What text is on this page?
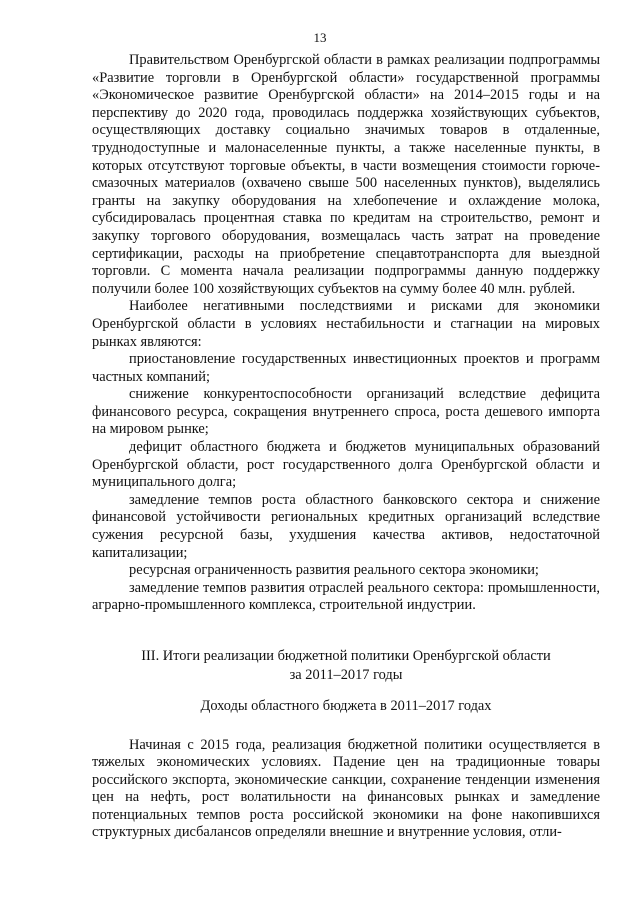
13

Правительством Оренбургской области в рамках реализации подпрограммы «Развитие торговли в Оренбургской области» государственной программы «Экономическое развитие Оренбургской области» на 2014–2015 годы и на перспективу до 2020 года, проводилась поддержка хозяйствующих субъектов, осуществляющих доставку социально значимых товаров в отдаленные, труднодоступные и малонаселенные пункты, а также населенные пункты, в которых отсутствуют торговые объекты, в части возмещения стоимости горюче-смазочных материалов (охвачено свыше 500 населенных пунктов), выделялись гранты на закупку оборудования на хлебопечение и охлаждение молока, субсидировалась процентная ставка по кредитам на строительство, ремонт и закупку торгового оборудования, возмещалась часть затрат на проведение сертификации, расходы на приобретение спецавтотранспорта для выездной торговли. С момента начала реализации подпрограммы данную поддержку получили более 100 хозяйствующих субъектов на сумму более 40 млн. рублей.

Наиболее негативными последствиями и рисками для экономики Оренбургской области в условиях нестабильности и стагнации на мировых рынках являются:

приостановление государственных инвестиционных проектов и программ частных компаний;

снижение конкурентоспособности организаций вследствие дефицита финансового ресурса, сокращения внутреннего спроса, роста дешевого импорта на мировом рынке;

дефицит областного бюджета и бюджетов муниципальных образований Оренбургской области, рост государственного долга Оренбургской области и муниципального долга;

замедление темпов роста областного банковского сектора и снижение финансовой устойчивости региональных кредитных организаций вследствие сужения ресурсной базы, ухудшения качества активов, недостаточной капитализации;

ресурсная ограниченность развития реального сектора экономики;

замедление темпов развития отраслей реального сектора: промышленности, аграрно-промышленного комплекса, строительной индустрии.

III. Итоги реализации бюджетной политики Оренбургской области
за 2011–2017 годы
Доходы областного бюджета в 2011–2017 годах

Начиная с 2015 года, реализация бюджетной политики осуществляется в тяжелых экономических условиях. Падение цен на традиционные товары российского экспорта, экономические санкции, сохранение тенденции изменения цен на нефть, рост волатильности на финансовых рынках и замедление потенциальных темпов роста российской экономики на фоне накопившихся структурных дисбалансов определяли внешние и внутренние условия, отли-
